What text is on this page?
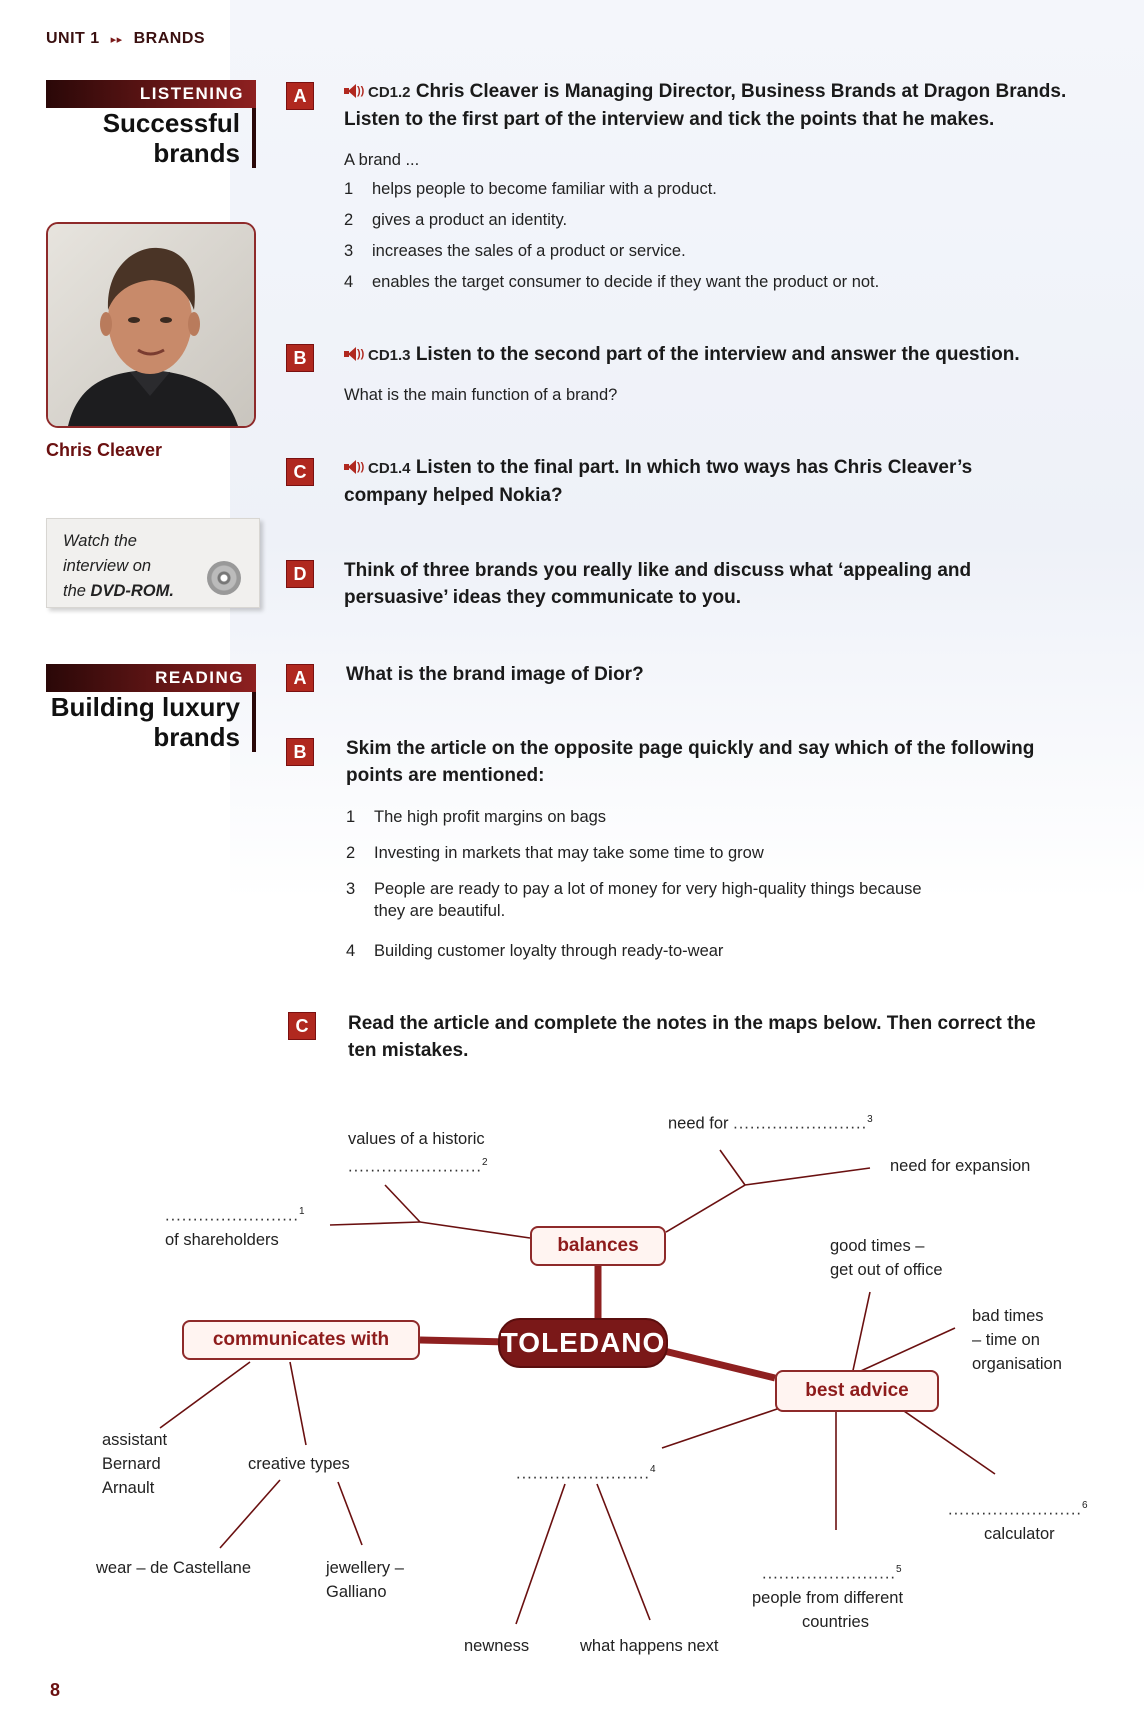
UNIT 1 ▸▸ BRANDS
LISTENING
Successful
brands
Chris Cleaver
Watch the
interview on
the DVD-ROM.
A	)) CD1.2 Chris Cleaver is Managing Director, Business Brands at Dragon Brands.
Listen to the first part of the interview and tick the points that he makes.
A brand ...
1 helps people to become familiar with a product.
2 gives a product an identity.
3 increases the sales of a product or service.
4 enables the target consumer to decide if they want the product or not.
B	)) CD1.3 Listen to the second part of the interview and answer the question.
What is the main function of a brand?
C	)) CD1.4 Listen to the final part. In which two ways has Chris Cleaver’s
company helped Nokia?
D	Think of three brands you really like and discuss what ‘appealing and
persuasive’ ideas they communicate to you.
READING
Building luxury
brands
A	What is the brand image of Dior?
B	Skim the article on the opposite page quickly and say which of the following
points are mentioned:
1 The high profit margins on bags
2 Investing in markets that may take some time to grow
3 People are ready to pay a lot of money for very high-quality things because
they are beautiful.
4 Building customer loyalty through ready-to-wear
C	Read the article and complete the notes in the maps below. Then correct the
ten mistakes.
TOLEDANO
balances
communicates with
best advice
values of a historic
........................$^2$
need for ........................$^3$
need for expansion
........................$^1$
of shareholders	good times –
get out of office
bad times
– time on
organisation
assistant
Bernard
Arnault
creative types
wear – de Castellane	jewellery –
Galliano
........................$^4$
newness	what happens next
........................$^5$
people from different
countries
........................$^6$
calculator
8
